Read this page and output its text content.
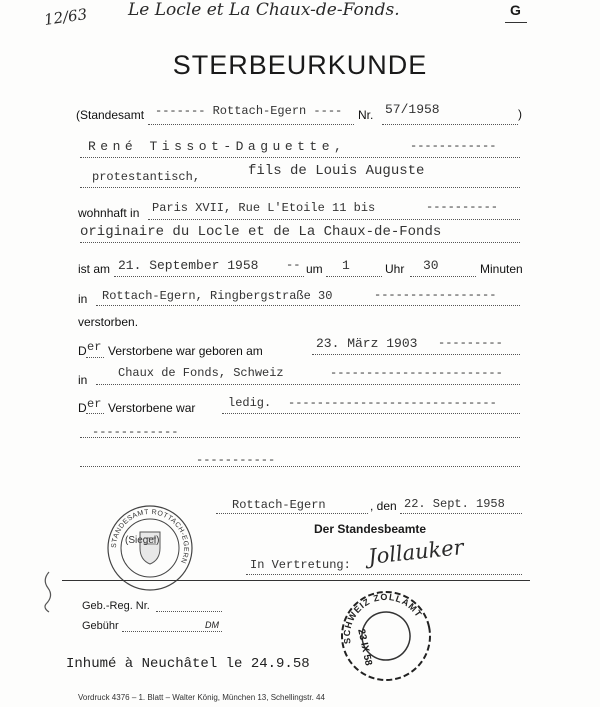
12/63 Le Locle et La Chaux-de-Fonds.	G
STERBEURKUNDE
(Standesamt ------- Rottach-Egern ---- Nr. 57/1958	)
René Tissot-Daguette,	------------
protestantisch,	fils de Louis Auguste
wohnhaft in Paris XVII, Rue L'Etoile 11 bis	----------
originaire du Locle et de La Chaux-de-Fonds
ist am 21. September 1958 -- um 1	Uhr 30	Minuten
in Rottach-Egern, Ringbergstraße 30	-----------------
verstorben.
D er Verstorbene war geboren am	23. März 1903 ---------
in	Chaux de Fonds, Schweiz	------------------------
D er Verstorbene war	ledig. -----------------------------
------------
-----------
Rottach-Egern	, den 22. Sept. 1958
Der Standesbeamte
STANDESAMT ROTTACH-EGERN
(Siegel)
In Vertretung: Jollauker
Geb.-Reg. Nr.
Gebühr	DM
SCHWEIZ ZOLLAMT
23 IX 58
Inhumé à Neuchâtel le 24.9.58
Vordruck 4376 – 1. Blatt – Walter König, München 13, Schellingstr. 44
